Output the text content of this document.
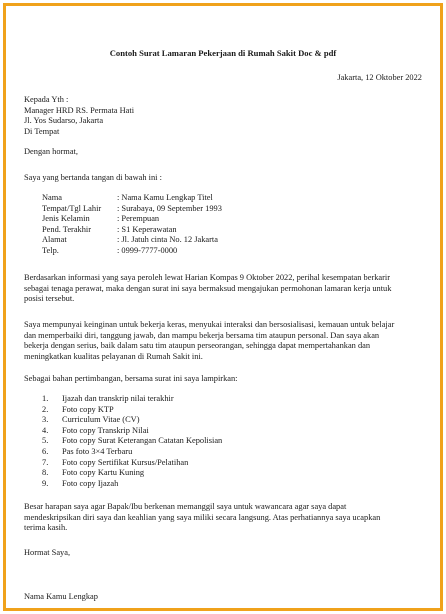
Contoh Surat Lamaran Pekerjaan di Rumah Sakit Doc & pdf
Jakarta, 12 Oktober 2022
Kepada Yth :
Manager HRD RS. Permata Hati
Jl. Yos Sudarso, Jakarta
Di Tempat
Dengan hormat,
Saya yang bertanda tangan di bawah ini :
Nama	: Nama Kamu Lengkap Titel
Tempat/Tgl Lahir	: Surabaya, 09 September 1993
Jenis Kelamin	: Perempuan
Pend. Terakhir	: S1 Keperawatan
Alamat	: Jl. Jatuh cinta No. 12 Jakarta
Telp.	: 0999-7777-0000
Berdasarkan informasi yang saya peroleh lewat Harian Kompas 9 Oktober 2022, perihal kesempatan berkarir
sebagai tenaga perawat, maka dengan surat ini saya bermaksud mengajukan permohonan lamaran kerja untuk
posisi tersebut.
Saya mempunyai keinginan untuk bekerja keras, menyukai interaksi dan bersosialisasi, kemauan untuk belajar
dan memperbaiki diri, tanggung jawab, dan mampu bekerja bersama tim ataupun personal. Dan saya akan
bekerja dengan serius, baik dalam satu tim ataupun perseorangan, sehingga dapat mempertahankan dan
meningkatkan kualitas pelayanan di Rumah Sakit ini.
Sebagai bahan pertimbangan, bersama surat ini saya lampirkan:
1. Ijazah dan transkrip nilai terakhir
2. Foto copy KTP
3. Curriculum Vitae (CV)
4. Foto copy Transkrip Nilai
5. Foto copy Surat Keterangan Catatan Kepolisian
6. Pas foto 3×4 Terbaru
7. Foto copy Sertifikat Kursus/Pelatihan
8. Foto copy Kartu Kuning
9. Foto copy Ijazah
Besar harapan saya agar Bapak/Ibu berkenan memanggil saya untuk wawancara agar saya dapat
mendeskripsikan diri saya dan keahlian yang saya miliki secara langsung. Atas perhatiannya saya ucapkan
terima kasih.
Hormat Saya,
Nama Kamu Lengkap
